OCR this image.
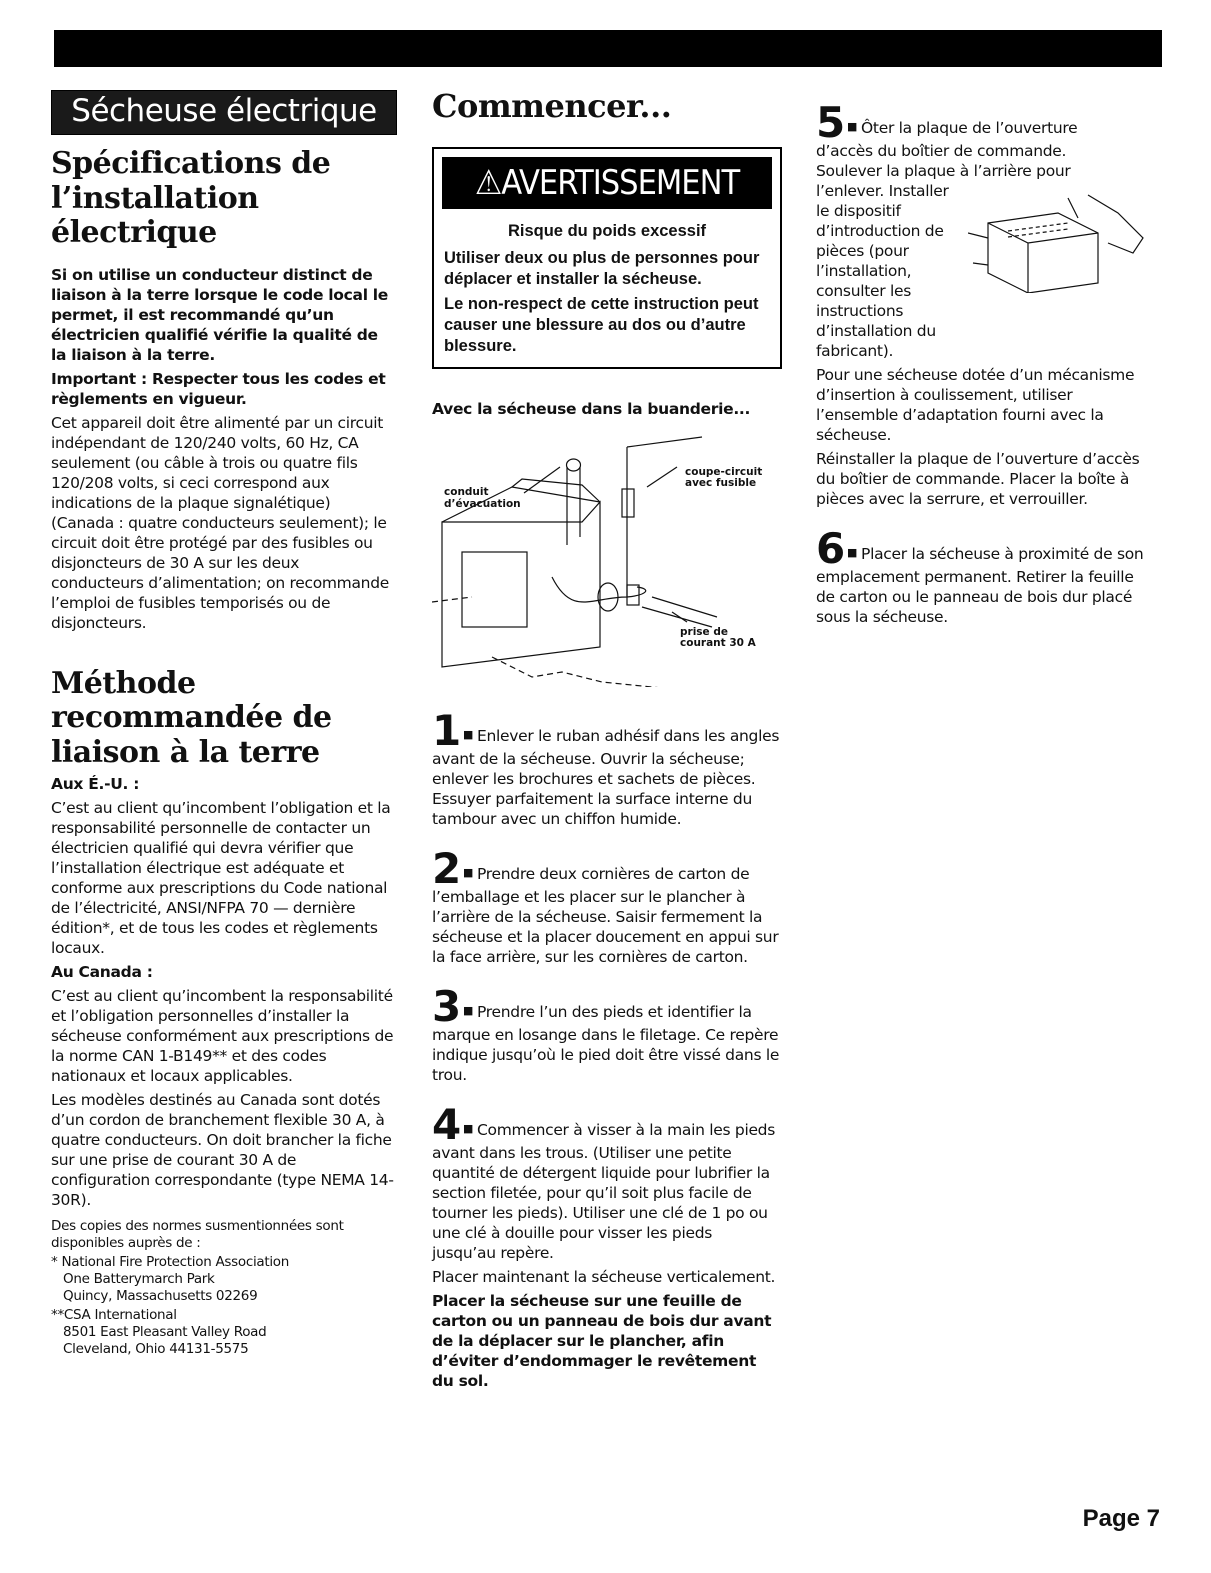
Sécheuse électrique
Spécifications de l’installation électrique

Si on utilise un conducteur distinct de liaison à la terre lorsque le code local le permet, il est recommandé qu’un électricien qualifié vérifie la qualité de la liaison à la terre.

Important : Respecter tous les codes et règlements en vigueur.

Cet appareil doit être alimenté par un circuit indépendant de 120/240 volts, 60 Hz, CA seulement (ou câble à trois ou quatre fils 120/208 volts, si ceci correspond aux indications de la plaque signalétique) (Canada : quatre conducteurs seulement); le circuit doit être protégé par des fusibles ou disjoncteurs de 30 A sur les deux conducteurs d’alimentation; on recommande l’emploi de fusibles temporisés ou de disjoncteurs.

Méthode recommandée de liaison à la terre

Aux É.-U. :

C’est au client qu’incombent l’obligation et la responsabilité personnelle de contacter un électricien qualifié qui devra vérifier que l’installation électrique est adéquate et conforme aux prescriptions du Code national de l’électricité, ANSI/NFPA 70 — dernière édition*, et de tous les codes et règlements locaux.

Au Canada :

C’est au client qu’incombent la responsabilité et l’obligation personnelles d’installer la sécheuse conformément aux prescriptions de la norme CAN 1-B149** et des codes nationaux et locaux applicables.

Les modèles destinés au Canada sont dotés d’un cordon de branchement flexible 30 A, à quatre conducteurs. On doit brancher la fiche sur une prise de courant 30 A de configuration correspondante (type NEMA 14-30R).

Des copies des normes susmentionnées sont disponibles auprès de :

* National Fire Protection Association
One Batterymarch Park
Quincy, Massachusetts 02269
**CSA International
8501 East Pleasant Valley Road
Cleveland, Ohio 44131-5575
Commencer...
⚠AVERTISSEMENT
Risque du poids excessif
Utiliser deux ou plus de personnes pour déplacer et installer la sécheuse.
Le non-respect de cette instruction peut causer une blessure au dos ou d’autre blessure.

Avec la sécheuse dans la buanderie...

conduit
d’évacuation
coupe-circuit
avec fusible
prise de
courant 30 A

1 ■ Enlever le ruban adhésif dans les angles avant de la sécheuse. Ouvrir la sécheuse; enlever les brochures et sachets de pièces. Essuyer parfaitement la surface interne du tambour avec un chiffon humide.

2 ■ Prendre deux cornières de carton de l’emballage et les placer sur le plancher à l’arrière de la sécheuse. Saisir fermement la sécheuse et la placer doucement en appui sur la face arrière, sur les cornières de carton.

3 ■ Prendre l’un des pieds et identifier la marque en losange dans le filetage. Ce repère indique jusqu’où le pied doit être vissé dans le trou.

4 ■ Commencer à visser à la main les pieds avant dans les trous. (Utiliser une petite quantité de détergent liquide pour lubrifier la section filetée, pour qu’il soit plus facile de tourner les pieds). Utiliser une clé de 1 po ou une clé à douille pour visser les pieds jusqu’au repère.

Placer maintenant la sécheuse verticalement.

Placer la sécheuse sur une feuille de carton ou un panneau de bois dur avant de la déplacer sur le plancher, afin d’éviter d’endommager le revêtement du sol.

5 ■ Ôter la plaque de l’ouverture

d’accès du boîtier de commande.

Soulever la plaque à l’arrière pour

l’enlever. Installer

le dispositif

d’introduction de

pièces (pour

l’installation,

consulter les

instructions

d’installation du

fabricant).

Pour une sécheuse dotée d’un mécanisme d’insertion à coulissement, utiliser l’ensemble d’adaptation fourni avec la sécheuse.

Réinstaller la plaque de l’ouverture d’accès du boîtier de commande. Placer la boîte à pièces avec la serrure, et verrouiller.

6 ■ Placer la sécheuse à proximité de son emplacement permanent. Retirer la feuille de carton ou le panneau de bois dur placé sous la sécheuse.

Page 7
